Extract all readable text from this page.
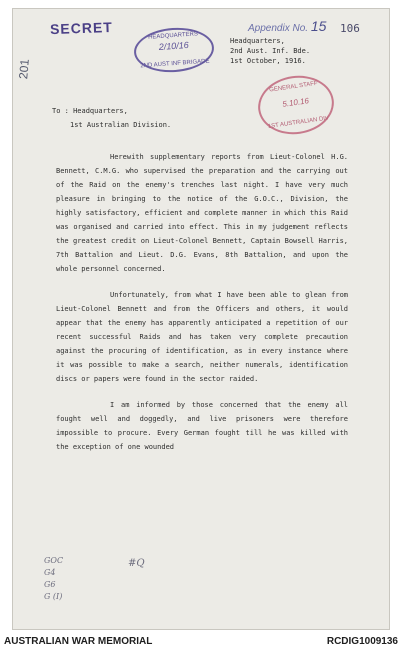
SECRET	Appendix No. 15 106
201
HEADQUARTERS
2/10/16
2ND AUST INF BRIGADE
GENERAL STAFF
5.10.16
1ST AUSTRALIAN DIV
Headquarters,
2nd Aust. Inf. Bde.
1st October, 1916.
To : Headquarters,
1st Australian Division.

Herewith supplementary reports from Lieut-Colonel H.G. Bennett, C.M.G. who supervised the preparation and the carrying out of the Raid on the enemy's trenches last night. I have very much pleasure in bringing to the notice of the G.O.C., Division, the highly satisfactory, efficient and complete manner in which this Raid was organised and carried into effect. This in my judgement reflects the greatest credit on Lieut-Colonel Bennett, Captain Bowsell Harris, 7th Battalion and Lieut. D.G. Evans, 8th Battalion, and upon the whole personnel concerned.

Unfortunately, from what I have been able to glean from Lieut-Colonel Bennett and from the Officers and others, it would appear that the enemy has apparently anticipated a repetition of our recent successful Raids and has taken very complete precaution against the procuring of identification, as in every instance where it was possible to make a search, neither numerals, identification discs or papers were found in the sector raided.

I am informed by those concerned that the enemy all fought well and doggedly, and live prisoners were therefore impossible to procure. Every German fought till he was killed with the exception of one wounded

GOC
G4
G6
G (I)
#Q
AUSTRALIAN WAR MEMORIAL	RCDIG1009136
